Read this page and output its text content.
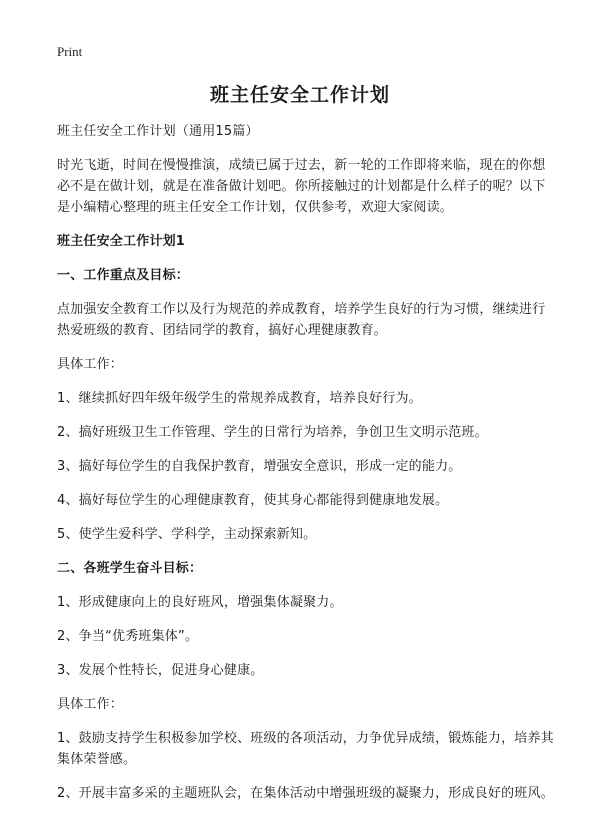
Print
班主任安全工作计划

班主任安全工作计划（通用15篇）

时光飞逝，时间在慢慢推演，成绩已属于过去，新一轮的工作即将来临，现在的你想必不是在做计划，就是在准备做计划吧。你所接触过的计划都是什么样子的呢？以下是小编精心整理的班主任安全工作计划，仅供参考，欢迎大家阅读。

班主任安全工作计划1

一、工作重点及目标：

点加强安全教育工作以及行为规范的养成教育，培养学生良好的行为习惯，继续进行热爱班级的教育、团结同学的教育，搞好心理健康教育。

具体工作：

1、继续抓好四年级年级学生的常规养成教育，培养良好行为。

2、搞好班级卫生工作管理、学生的日常行为培养，争创卫生文明示范班。

3、搞好每位学生的自我保护教育，增强安全意识，形成一定的能力。

4、搞好每位学生的心理健康教育，使其身心都能得到健康地发展。

5、使学生爱科学、学科学，主动探索新知。

二、各班学生奋斗目标：

1、形成健康向上的良好班风，增强集体凝聚力。

2、争当“优秀班集体”。

3、发展个性特长，促进身心健康。

具体工作：

1、鼓励支持学生积极参加学校、班级的各项活动，力争优异成绩，锻炼能力，培养其集体荣誉感。

2、开展丰富多采的主题班队会，在集体活动中增强班级的凝聚力，形成良好的班风。
